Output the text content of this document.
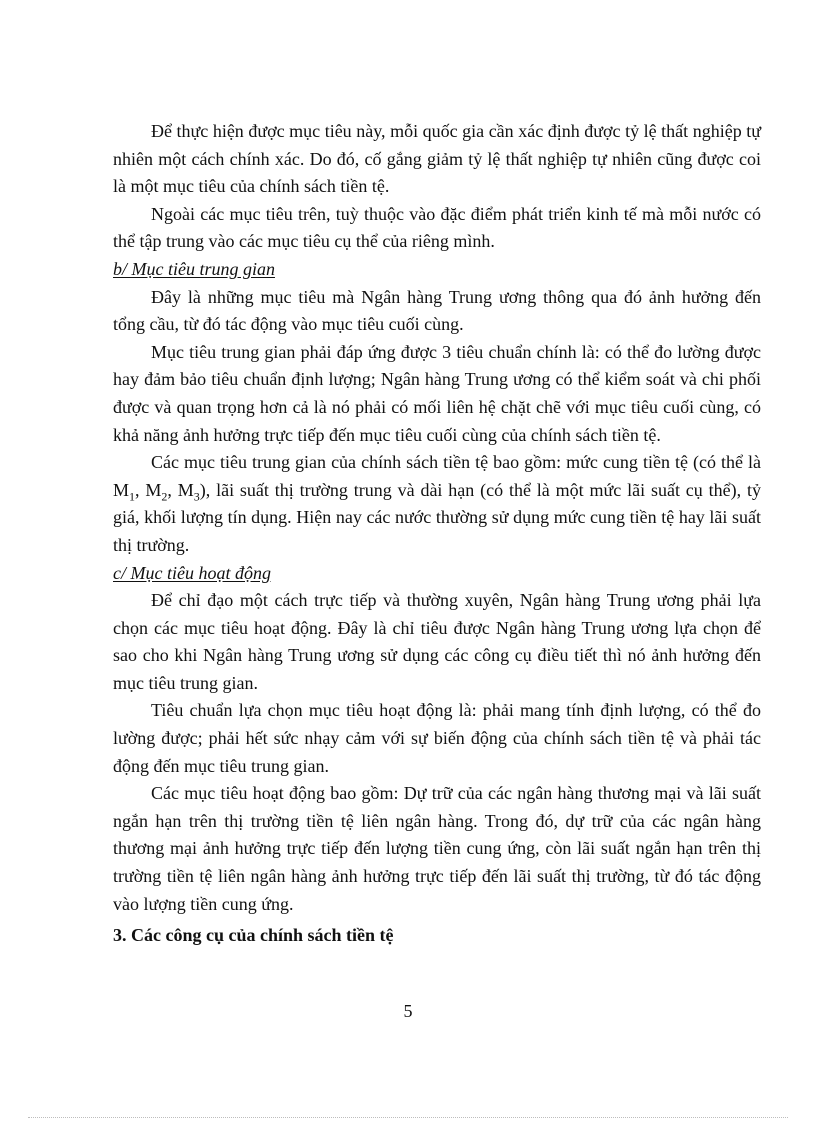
Để thực hiện được mục tiêu này, mỗi quốc gia cần xác định được tỷ lệ thất nghiệp tự nhiên một cách chính xác. Do đó, cố gắng giảm tỷ lệ thất nghiệp tự nhiên cũng được coi là một mục tiêu của chính sách tiền tệ.

Ngoài các mục tiêu trên, tuỳ thuộc vào đặc điểm phát triển kinh tế mà mỗi nước có thể tập trung vào các mục tiêu cụ thể của riêng mình.

b/ Mục tiêu trung gian

Đây là những mục tiêu mà Ngân hàng Trung ương thông qua đó ảnh hưởng đến tổng cầu, từ đó tác động vào mục tiêu cuối cùng.

Mục tiêu trung gian phải đáp ứng được 3 tiêu chuẩn chính là: có thể đo lường được hay đảm bảo tiêu chuẩn định lượng; Ngân hàng Trung ương có thể kiểm soát và chi phối được và quan trọng hơn cả là nó phải có mối liên hệ chặt chẽ với mục tiêu cuối cùng, có khả năng ảnh hưởng trực tiếp đến mục tiêu cuối cùng của chính sách tiền tệ.

Các mục tiêu trung gian của chính sách tiền tệ bao gồm: mức cung tiền tệ (có thể là $M_1$, $M_2$, $M_3$), lãi suất thị trường trung và dài hạn (có thể là một mức lãi suất cụ thể), tỷ giá, khối lượng tín dụng. Hiện nay các nước thường sử dụng mức cung tiền tệ hay lãi suất thị trường.

c/ Mục tiêu hoạt động

Để chỉ đạo một cách trực tiếp và thường xuyên, Ngân hàng Trung ương phải lựa chọn các mục tiêu hoạt động. Đây là chỉ tiêu được Ngân hàng Trung ương lựa chọn để sao cho khi Ngân hàng Trung ương sử dụng các công cụ điều tiết thì nó ảnh hưởng đến mục tiêu trung gian.

Tiêu chuẩn lựa chọn mục tiêu hoạt động là: phải mang tính định lượng, có thể đo lường được; phải hết sức nhạy cảm với sự biến động của chính sách tiền tệ và phải tác động đến mục tiêu trung gian.

Các mục tiêu hoạt động bao gồm: Dự trữ của các ngân hàng thương mại và lãi suất ngắn hạn trên thị trường tiền tệ liên ngân hàng. Trong đó, dự trữ của các ngân hàng thương mại ảnh hưởng trực tiếp đến lượng tiền cung ứng, còn lãi suất ngắn hạn trên thị trường tiền tệ liên ngân hàng ảnh hưởng trực tiếp đến lãi suất thị trường, từ đó tác động vào lượng tiền cung ứng.

3. Các công cụ của chính sách tiền tệ

5
